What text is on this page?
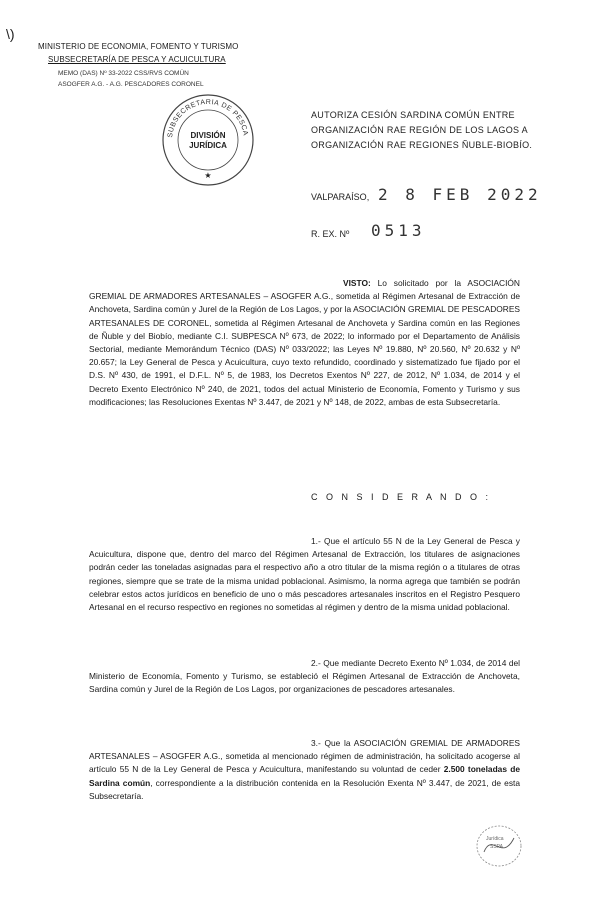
\)
MINISTERIO DE ECONOMIA, FOMENTO Y TURISMO
SUBSECRETARÍA DE PESCA Y ACUICULTURA
MEMO (DAS) Nº 33-2022 CSS/RVS COMÚN
ASOGFER A.G. - A.G. PESCADORES CORONEL
SUBSECRETARIA DE PESCA
DIVISIÓN
JURÍDICA
★
AUTORIZA CESIÓN SARDINA COMÚN ENTRE
ORGANIZACIÓN RAE REGIÓN DE LOS LAGOS A
ORGANIZACIÓN RAE REGIONES ÑUBLE-BIOBÍO.
VALPARAÍSO, 2 8 FEB 2022
R. EX. Nº 0513
VISTO: Lo solicitado por la ASOCIACIÓN GREMIAL DE ARMADORES ARTESANALES – ASOGFER A.G., sometida al Régimen Artesanal de Extracción de Anchoveta, Sardina común y Jurel de la Región de Los Lagos, y por la ASOCIACIÓN GREMIAL DE PESCADORES ARTESANALES DE CORONEL, sometida al Régimen Artesanal de Anchoveta y Sardina común en las Regiones de Ñuble y del Biobío, mediante C.I. SUBPESCA Nº 673, de 2022; lo informado por el Departamento de Análisis Sectorial, mediante Memorándum Técnico (DAS) Nº 033/2022; las Leyes Nº 19.880, Nº 20.560, Nº 20.632 y Nº 20.657; la Ley General de Pesca y Acuicultura, cuyo texto refundido, coordinado y sistematizado fue fijado por el D.S. Nº 430, de 1991, el D.F.L. Nº 5, de 1983, los Decretos Exentos Nº 227, de 2012, Nº 1.034, de 2014 y el Decreto Exento Electrónico Nº 240, de 2021, todos del actual Ministerio de Economía, Fomento y Turismo y sus modificaciones; las Resoluciones Exentas Nº 3.447, de 2021 y Nº 148, de 2022, ambas de esta Subsecretaría.
C O N S I D E R A N D O :
1.- Que el artículo 55 N de la Ley General de Pesca y Acuicultura, dispone que, dentro del marco del Régimen Artesanal de Extracción, los titulares de asignaciones podrán ceder las toneladas asignadas para el respectivo año a otro titular de la misma región o a titulares de otras regiones, siempre que se trate de la misma unidad poblacional. Asimismo, la norma agrega que también se podrán celebrar estos actos jurídicos en beneficio de uno o más pescadores artesanales inscritos en el Registro Pesquero Artesanal en el recurso respectivo en regiones no sometidas al régimen y dentro de la misma unidad poblacional.
2.- Que mediante Decreto Exento Nº 1.034, de 2014 del Ministerio de Economía, Fomento y Turismo, se estableció el Régimen Artesanal de Extracción de Anchoveta, Sardina común y Jurel de la Región de Los Lagos, por organizaciones de pescadores artesanales.
3.- Que la ASOCIACIÓN GREMIAL DE ARMADORES ARTESANALES – ASOGFER A.G., sometida al mencionado régimen de administración, ha solicitado acogerse al artículo 55 N de la Ley General de Pesca y Acuicultura, manifestando su voluntad de ceder 2.500 toneladas de Sardina común, correspondiente a la distribución contenida en la Resolución Exenta Nº 3.447, de 2021, de esta Subsecretaría.
Jurídica
SSPA
